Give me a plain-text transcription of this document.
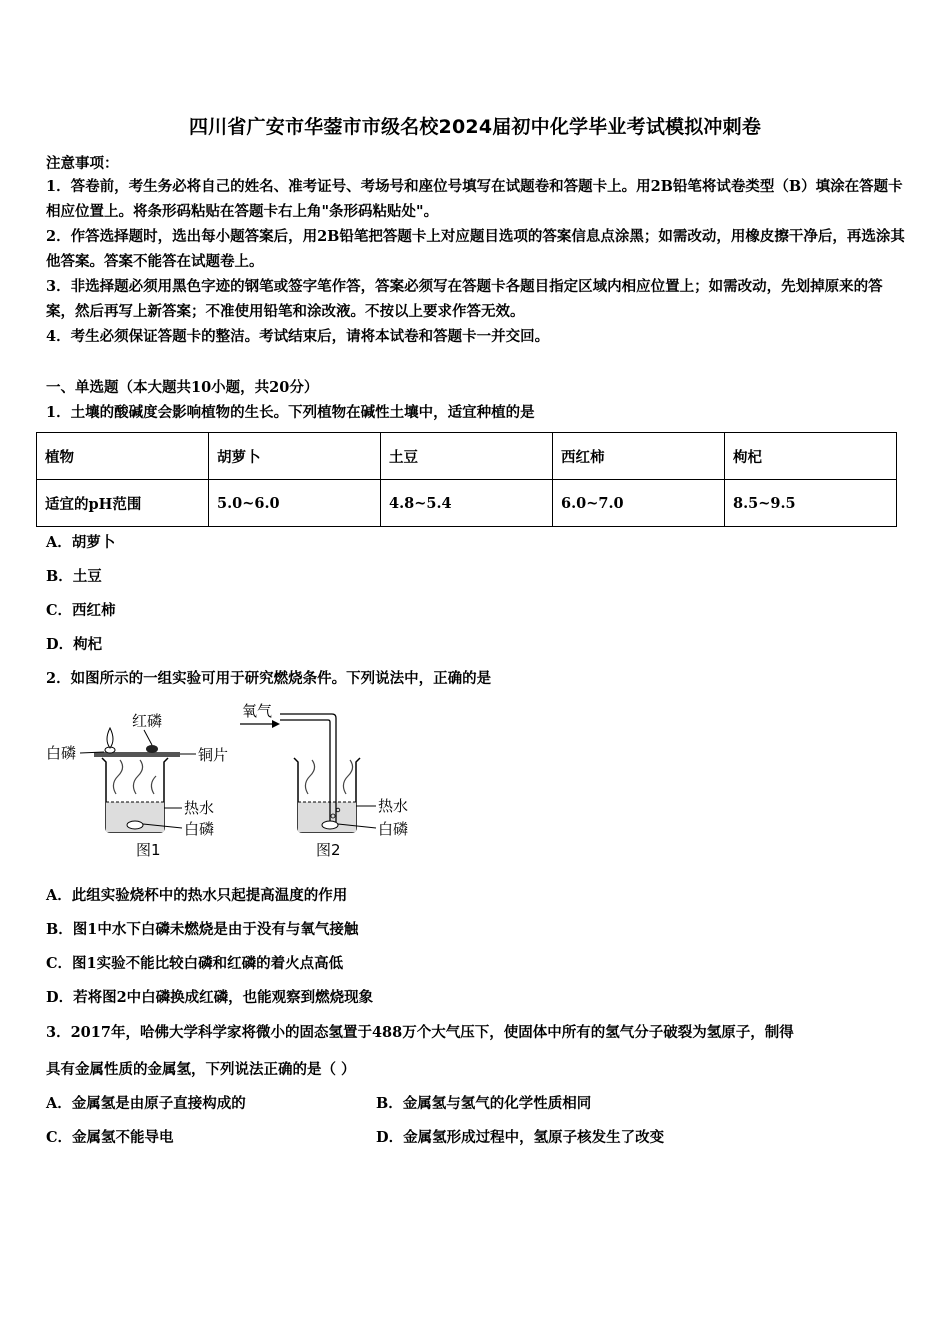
四川省广安市华蓥市市级名校2024届初中化学毕业考试模拟冲刺卷
注意事项：
1．答卷前，考生务必将自己的姓名、准考证号、考场号和座位号填写在试题卷和答题卡上。用2B铅笔将试卷类型（B）填涂在答题卡相应位置上。将条形码粘贴在答题卡右上角"条形码粘贴处"。
2．作答选择题时，选出每小题答案后，用2B铅笔把答题卡上对应题目选项的答案信息点涂黑；如需改动，用橡皮擦干净后，再选涂其他答案。答案不能答在试题卷上。
3．非选择题必须用黑色字迹的钢笔或签字笔作答，答案必须写在答题卡各题目指定区域内相应位置上；如需改动，先划掉原来的答案，然后再写上新答案；不准使用铅笔和涂改液。不按以上要求作答无效。
4．考生必须保证答题卡的整洁。考试结束后，请将本试卷和答题卡一并交回。
一、单选题（本大题共10小题，共20分）
1．土壤的酸碱度会影响植物的生长。下列植物在碱性土壤中，适宜种植的是
植物	胡萝卜	土豆	西红柿	枸杞
适宜的pH范围	5.0~6.0	4.8~5.4	6.0~7.0	8.5~9.5
A．胡萝卜
B．土豆
C．西红柿
D．枸杞
2．如图所示的一组实验可用于研究燃烧条件。下列说法中，正确的是
红磷
白磷	铜片
热水
白磷
图1
氧气
热水
白磷
图2
A．此组实验烧杯中的热水只起提高温度的作用
B．图1中水下白磷未燃烧是由于没有与氧气接触
C．图1实验不能比较白磷和红磷的着火点高低
D．若将图2中白磷换成红磷，也能观察到燃烧现象
3．2017年，哈佛大学科学家将微小的固态氢置于488万个大气压下，使固体中所有的氢气分子破裂为氢原子，制得
具有金属性质的金属氢，下列说法正确的是（ ）
A．金属氢是由原子直接构成的	B．金属氢与氢气的化学性质相同
C．金属氢不能导电	D．金属氢形成过程中，氢原子核发生了改变
